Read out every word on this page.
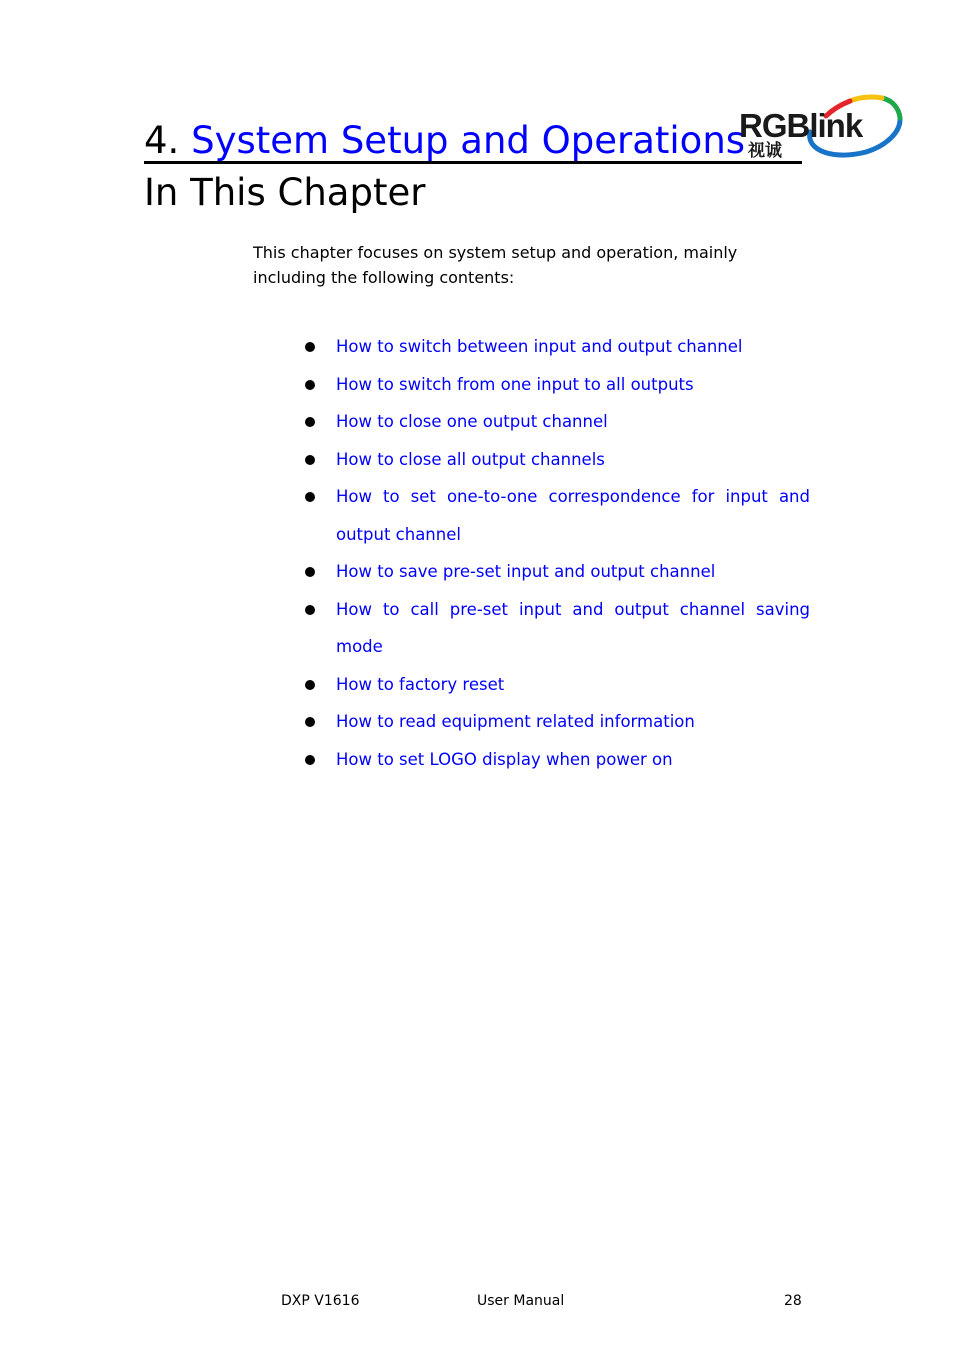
4. System Setup and Operations
RGBlink
视诚
In This Chapter
This chapter focuses on system setup and operation, mainly
including the following contents:
How to switch between input and output channel
How to switch from one input to all outputs
How to close one output channel
How to close all output channels
How to set one-to-one correspondence for input and output channel
How to save pre-set input and output channel
How to call pre-set input and output channel saving mode
How to factory reset
How to read equipment related information
How to set LOGO display when power on
DXP V1616	User Manual	28
